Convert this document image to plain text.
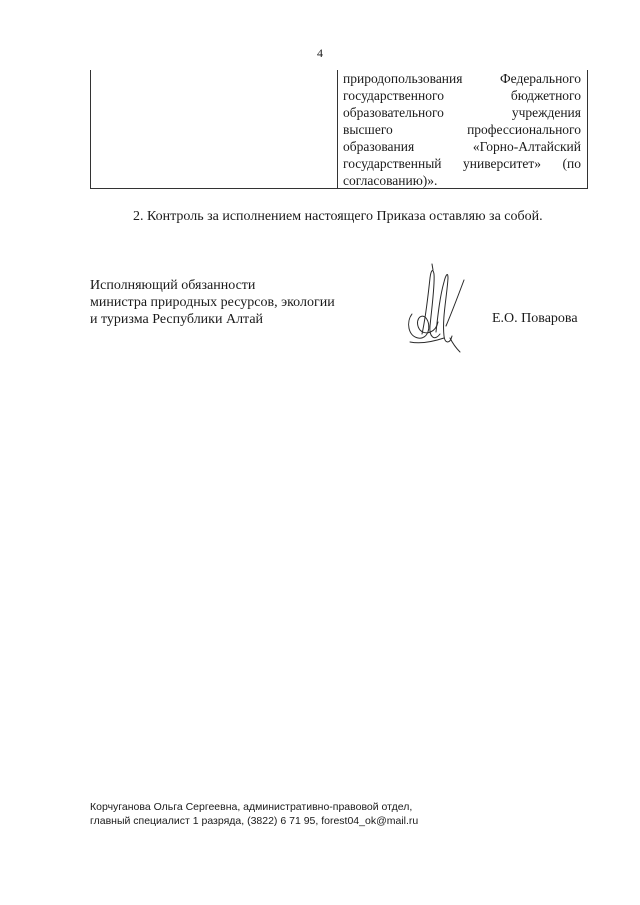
4
природопользования	Федерального
государственного	бюджетного
образовательного	учреждения
высшего	профессионального
образования	«Горно-Алтайский
государственный университет» (по
согласованию)».
2. Контроль за исполнением настоящего Приказа оставляю за собой.
Исполняющий обязанности
министра природных ресурсов, экологии
и туризма Республики Алтай	Е.О. Поварова
Корчуганова Ольга Сергеевна, административно-правовой отдел,
главный специалист 1 разряда, (3822) 6 71 95, forest04_ok@mail.ru
